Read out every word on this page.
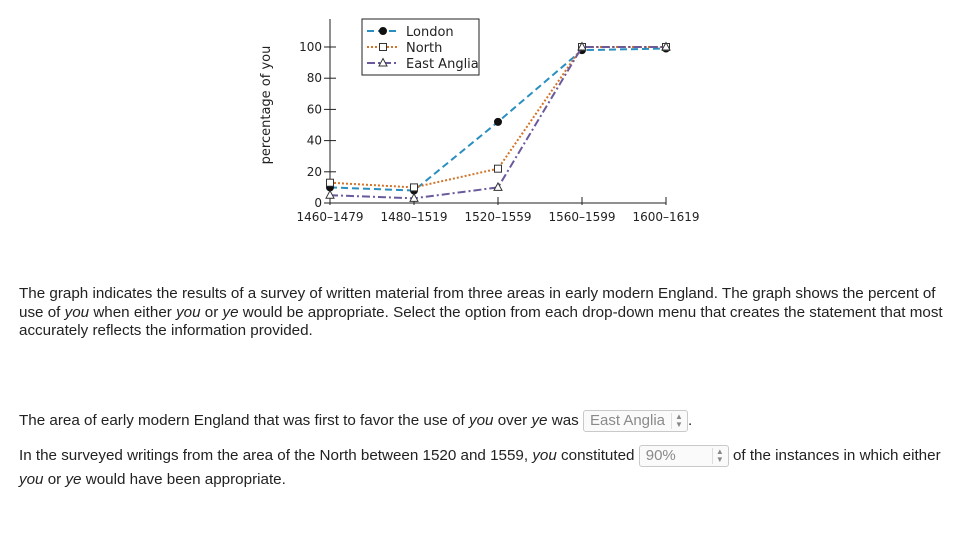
0
20
40
60
80
100
1460–1479 1480–1519 1520–1559 1560–1599 1600–1619
percentage of you
London
North
East Anglia
The graph indicates the results of a survey of written material from three areas in early modern England. The graph shows the percent of use of you when either you or ye would be appropriate. Select the option from each drop-down menu that creates the statement that most accurately reflects the information provided.
The area of early modern England that was first to favor the use of you over ye was East Anglia ▲
▼ .
In the surveyed writings from the area of the North between 1520 and 1559, you constituted 90%	▲
▼ of the instances in which either you or ye would have been appropriate.
